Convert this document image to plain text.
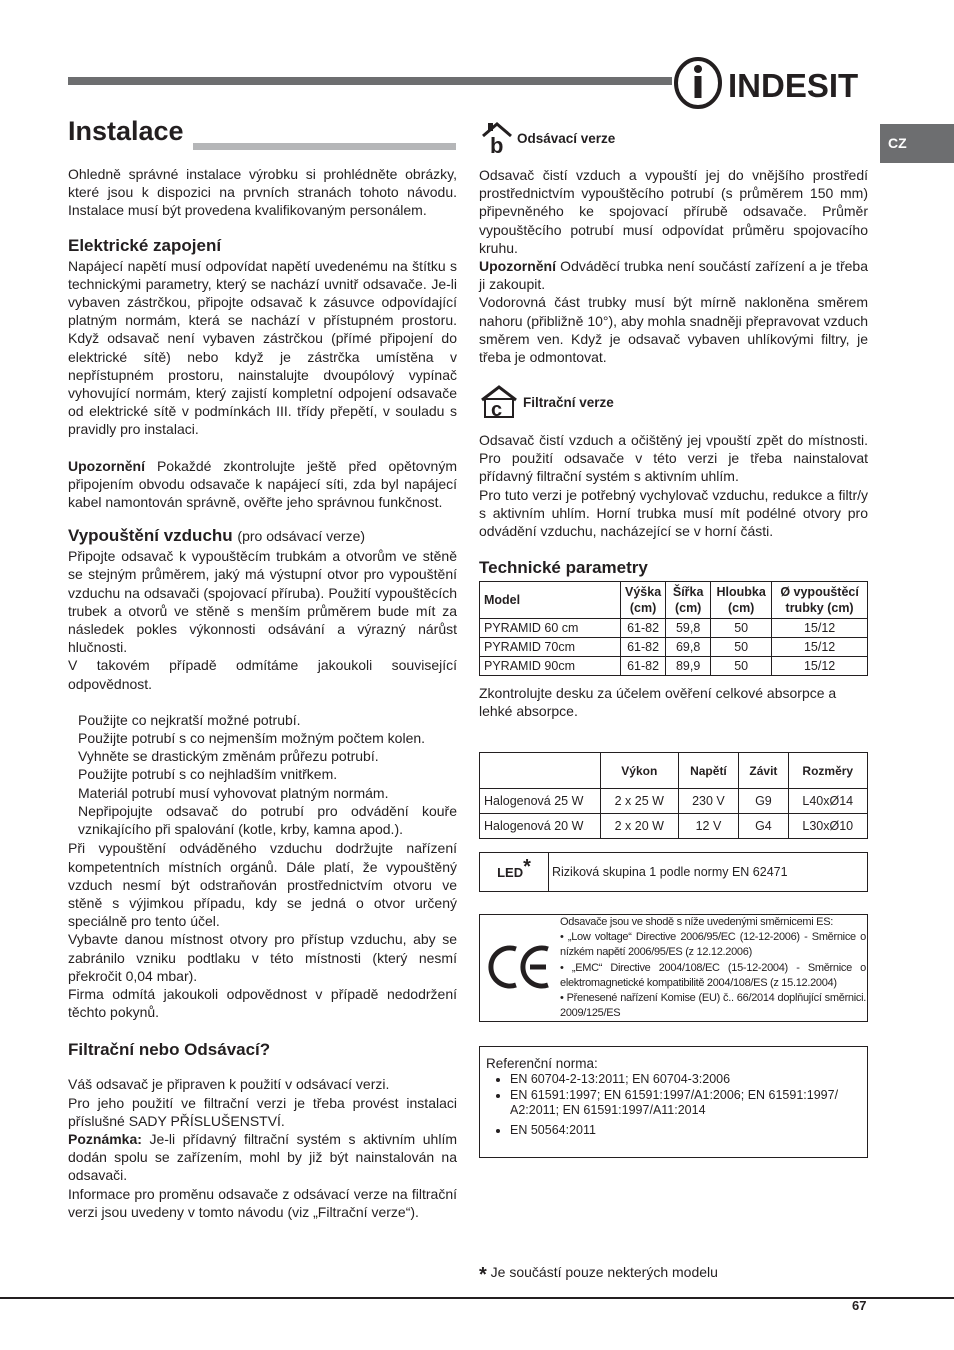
INDESIT
CZ
Instalace

Ohledně správné instalace výrobku si prohlédněte obrázky, které jsou k dispozici na prvních stranách tohoto návodu. Instalace musí být provedena kvalifikovaným personálem.

Elektrické zapojení

Napájecí napětí musí odpovídat napětí uvedenému na štítku s technickými parametry, který se nachází uvnitř odsavače. Je-li vybaven zástrčkou, připojte odsavač k zásuvce odpovídající platným normám, která se nachází v přístupném prostoru. Když odsavač není vybaven zástrčkou (přímé připojení do elektrické sítě) nebo když je zástrčka umístěna v nepřístupném prostoru, nainstalujte dvoupólový vypínač vyhovující normám, který zajistí kompletní odpojení odsavače od elektrické sítě v podmínkách III. třídy přepětí, v souladu s pravidly pro instalaci.

Upozornění Pokaždé zkontrolujte ještě před opětovným připojením obvodu odsavače k napájecí síti, zda byl napájecí kabel namontován správně, ověřte jeho správnou funkčnost.

Vypouštění vzduchu (pro odsávací verze)

Připojte odsavač k vypouštěcím trubkám a otvorům ve stěně se stejným průměrem, jaký má výstupní otvor pro vypouštění vzduchu na odsavači (spojovací příruba). Použití vypouštěcích trubek a otvorů ve stěně s menším průměrem bude mít za následek pokles výkonnosti odsávání a výrazný nárůst hlučnosti.

V takovém případě odmítáme jakoukoli související odpovědnost.

Použijte co nejkratší možné potrubí.
Použijte potrubí s co nejmenším možným počtem kolen.
Vyhněte se drastickým změnám průřezu potrubí.
Použijte potrubí s co nejhladším vnitřkem.
Materiál potrubí musí vyhovovat platným normám.

Nepřipojujte odsavač do potrubí pro odvádění kouře vznikajícího při spalování (kotle, krby, kamna apod.).

Při vypouštění odváděného vzduchu dodržujte nařízení kompetentních místních orgánů. Dále platí, že vypouštěný vzduch nesmí být odstraňován prostřednictvím otvoru ve stěně s výjimkou případu, kdy se jedná o otvor určený speciálně pro tento účel.

Vybavte danou místnost otvory pro přístup vzduchu, aby se zabránilo vzniku podtlaku v této místnosti (který nesmí překročit 0,04 mbar).

Firma odmítá jakoukoli odpovědnost v případě nedodržení těchto pokynů.

Filtrační nebo Odsávací?

Váš odsavač je připraven k použití v odsávací verzi.

Pro jeho použití ve filtrační verzi je třeba provést instalaci příslušné SADY PŘÍSLUŠENSTVÍ.

Poznámka: Je-li přídavný filtrační systém s aktivním uhlím dodán spolu se zařízením, mohl by již být nainstalován na odsavači.

Informace pro proměnu odsavače z odsávací verze na filtrační verzi jsou uvedeny v tomto návodu (viz „Filtrační verze“).

b Odsávací verze

Odsavač čistí vzduch a vypouští jej do vnějšího prostředí prostřednictvím vypouštěcího potrubí (s průměrem 150 mm) připevněného ke spojovací přírubě odsavače. Průměr vypouštěcího potrubí musí odpovídat průměru spojovacího kruhu.

Upozornění Odváděcí trubka není součástí zařízení a je třeba ji zakoupit.

Vodorovná část trubky musí být mírně nakloněna směrem nahoru (přibližně 10°), aby mohla snadněji přepravovat vzduch směrem ven. Když je odsavač vybaven uhlíkovými filtry, je třeba je odmontovat.

c Filtrační verze

Odsavač čistí vzduch a očištěný jej vpouští zpět do místnosti. Pro použití odsavače v této verzi je třeba nainstalovat přídavný filtrační systém s aktivním uhlím.

Pro tuto verzi je potřebný vychylovač vzduchu, redukce a filtr/y s aktivním uhlím. Horní trubka musí mít podélné otvory pro odvádění vzduchu, nacházející se v horní části.

Technické parametry
Model	Výška (cm)	Šířka (cm)	Hloubka (cm)	Ø vypouštěcí trubky (cm)
PYRAMID 60 cm	61-82	59,8	50	15/12
PYRAMID 70cm	61-82	69,8	50	15/12
PYRAMID 90cm	61-82	89,9	50	15/12
Zkontrolujte desku za účelem ověření celkové absorpce a lehké absorpce.
	Výkon	Napětí	Závit	Rozměry
Halogenová 25 W	2 x 25 W	230 V	G9	L40xØ14
Halogenová 20 W	2 x 20 W	12 V	G4	L30xØ10
LED*	Riziková skupina 1 podle normy EN 62471
Odsavače jsou ve shodě s níže uvedenými směrnicemi ES:
• „Low voltage“ Directive 2006/95/EC (12-12-2006) - Směrnice o nízkém napětí 2006/95/ES (z 12.12.2006)
• „EMC“ Directive 2004/108/EC (15-12-2004) - Směrnice o elektromagnetické kompatibilitě 2004/108/ES (z 15.12.2004)
• Přenesené nařízení Komise (EU) č.. 66/2014 doplňující směrnici. 2009/125/ES
Referenční norma:
• EN 60704-2-13:2011; EN 60704-3:2006
• EN 61591:1997; EN 61591:1997/A1:2006; EN 61591:1997/ A2:2011; EN 61591:1997/A11:2014
• EN 50564:2011
* Je součástí pouze nekterých modelu
67
